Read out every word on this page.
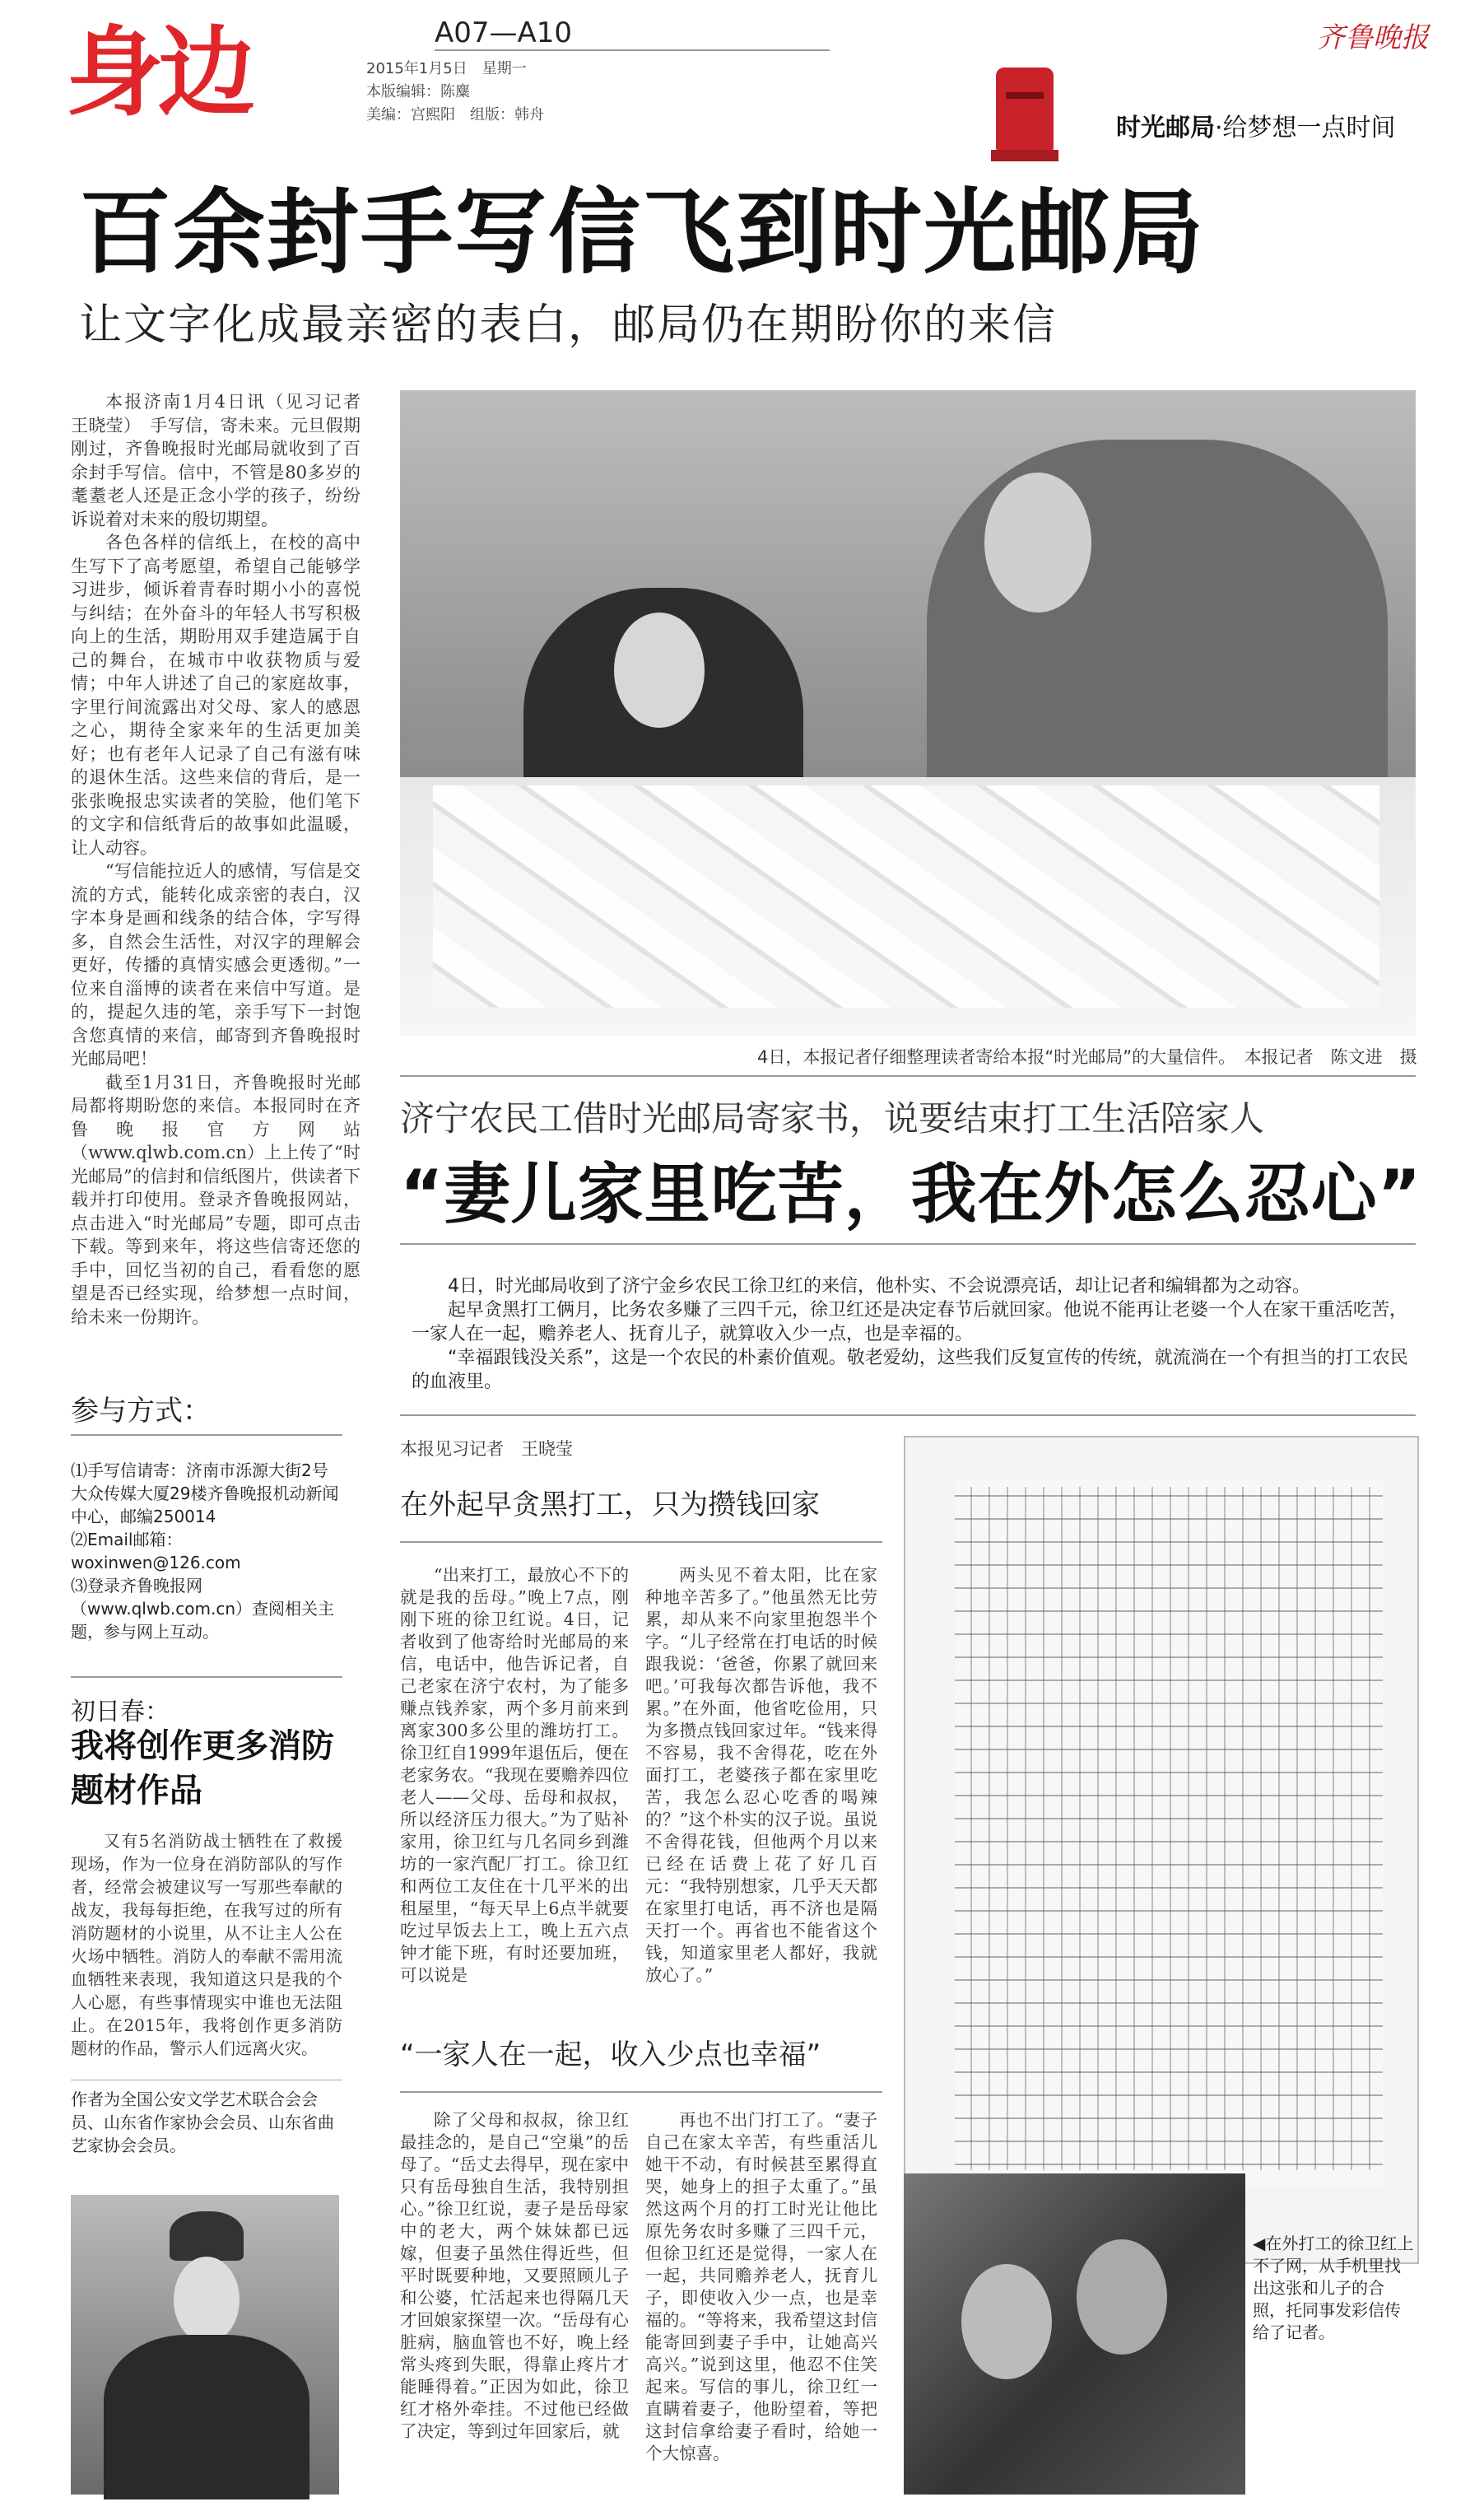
身边	A07—A10
2015年1月5日　星期一
本版编辑：陈麋
美编：宫熙阳　组版：韩舟
齐鲁晚报
时光邮局·给梦想一点时间
百余封手写信飞到时光邮局
让文字化成最亲密的表白，邮局仍在期盼你的来信

本报济南1月4日讯（见习记者　王晓莹）　手写信，寄未来。元旦假期刚过，齐鲁晚报时光邮局就收到了百余封手写信。信中，不管是80多岁的耄耋老人还是正念小学的孩子，纷纷诉说着对未来的殷切期望。

各色各样的信纸上，在校的高中生写下了高考愿望，希望自己能够学习进步，倾诉着青春时期小小的喜悦与纠结；在外奋斗的年轻人书写积极向上的生活，期盼用双手建造属于自己的舞台，在城市中收获物质与爱情；中年人讲述了自己的家庭故事，字里行间流露出对父母、家人的感恩之心，期待全家来年的生活更加美好；也有老年人记录了自己有滋有味的退休生活。这些来信的背后，是一张张晚报忠实读者的笑脸，他们笔下的文字和信纸背后的故事如此温暖，让人动容。

“写信能拉近人的感情，写信是交流的方式，能转化成亲密的表白，汉字本身是画和线条的结合体，字写得多，自然会生活性，对汉字的理解会更好，传播的真情实感会更透彻。”一位来自淄博的读者在来信中写道。是的，提起久违的笔，亲手写下一封饱含您真情的来信，邮寄到齐鲁晚报时光邮局吧！

截至1月31日，齐鲁晚报时光邮局都将期盼您的来信。本报同时在齐鲁晚报官方网站（www.qlwb.com.cn）上上传了“时光邮局”的信封和信纸图片，供读者下载并打印使用。登录齐鲁晚报网站，点击进入“时光邮局”专题，即可点击下载。等到来年，将这些信寄还您的手中，回忆当初的自己，看看您的愿望是否已经实现，给梦想一点时间，给未来一份期许。

4日，本报记者仔细整理读者寄给本报“时光邮局”的大量信件。　本报记者　陈文进　摄
参与方式：
⑴手写信请寄：济南市泺源大街2号大众传媒大厦29楼齐鲁晚报机动新闻中心，邮编250014
⑵Email邮箱：woxinwen@126.com
⑶登录齐鲁晚报网（www.qlwb.com.cn）查阅相关主题，参与网上互动。
初日春：
我将创作更多消防题材作品

又有5名消防战士牺牲在了救援现场，作为一位身在消防部队的写作者，经常会被建议写一写那些奉献的战友，我每每拒绝，在我写过的所有消防题材的小说里，从不让主人公在火场中牺牲。消防人的奉献不需用流血牺牲来表现，我知道这只是我的个人心愿，有些事情现实中谁也无法阻止。在2015年，我将创作更多消防题材的作品，警示人们远离火灾。

作者为全国公安文学艺术联合会会员、山东省作家协会会员、山东省曲艺家协会会员。
济宁农民工借时光邮局寄家书，说要结束打工生活陪家人
“妻儿家里吃苦，我在外怎么忍心”

4日，时光邮局收到了济宁金乡农民工徐卫红的来信，他朴实、不会说漂亮话，却让记者和编辑都为之动容。

起早贪黑打工俩月，比务农多赚了三四千元，徐卫红还是决定春节后就回家。他说不能再让老婆一个人在家干重活吃苦，一家人在一起，赡养老人、抚育儿子，就算收入少一点，也是幸福的。

“幸福跟钱没关系”，这是一个农民的朴素价值观。敬老爱幼，这些我们反复宣传的传统，就流淌在一个有担当的打工农民的血液里。

本报见习记者　王晓莹
在外起早贪黑打工，只为攒钱回家

“出来打工，最放心不下的就是我的岳母。”晚上7点，刚刚下班的徐卫红说。4日，记者收到了他寄给时光邮局的来信，电话中，他告诉记者，自己老家在济宁农村，为了能多赚点钱养家，两个多月前来到离家300多公里的潍坊打工。徐卫红自1999年退伍后，便在老家务农。“我现在要赡养四位老人——父母、岳母和叔叔，所以经济压力很大。”为了贴补家用，徐卫红与几名同乡到潍坊的一家汽配厂打工。徐卫红和两位工友住在十几平米的出租屋里，“每天早上6点半就要吃过早饭去上工，晚上五六点钟才能下班，有时还要加班，可以说是

两头见不着太阳，比在家种地辛苦多了。”他虽然无比劳累，却从来不向家里抱怨半个字。“儿子经常在打电话的时候跟我说：‘爸爸，你累了就回来吧。’可我每次都告诉他，我不累。”在外面，他省吃俭用，只为多攒点钱回家过年。“钱来得不容易，我不舍得花，吃在外面打工，老婆孩子都在家里吃苦，我怎么忍心吃香的喝辣的？”这个朴实的汉子说。虽说不舍得花钱，但他两个月以来已经在话费上花了好几百元：“我特别想家，几乎天天都在家里打电话，再不济也是隔天打一个。再省也不能省这个钱，知道家里老人都好，我就放心了。”

“一家人在一起，收入少点也幸福”

除了父母和叔叔，徐卫红最挂念的，是自己“空巢”的岳母了。“岳丈去得早，现在家中只有岳母独自生活，我特别担心。”徐卫红说，妻子是岳母家中的老大，两个妹妹都已远嫁，但妻子虽然住得近些，但平时既要种地，又要照顾儿子和公婆，忙活起来也得隔几天才回娘家探望一次。“岳母有心脏病，脑血管也不好，晚上经常头疼到失眠，得靠止疼片才能睡得着。”正因为如此，徐卫红才格外牵挂。不过他已经做了决定，等到过年回家后，就

再也不出门打工了。“妻子自己在家太辛苦，有些重活儿她干不动，有时候甚至累得直哭，她身上的担子太重了。”虽然这两个月的打工时光让他比原先务农时多赚了三四千元，但徐卫红还是觉得，一家人在一起，共同赡养老人，抚育儿子，即使收入少一点，也是幸福的。“等将来，我希望这封信能寄回到妻子手中，让她高兴高兴。”说到这里，他忍不住笑起来。写信的事儿，徐卫红一直瞒着妻子，他盼望着，等把这封信拿给妻子看时，给她一个大惊喜。

◀在外打工的徐卫红上不了网，从手机里找出这张和儿子的合照，托同事发彩信传给了记者。
